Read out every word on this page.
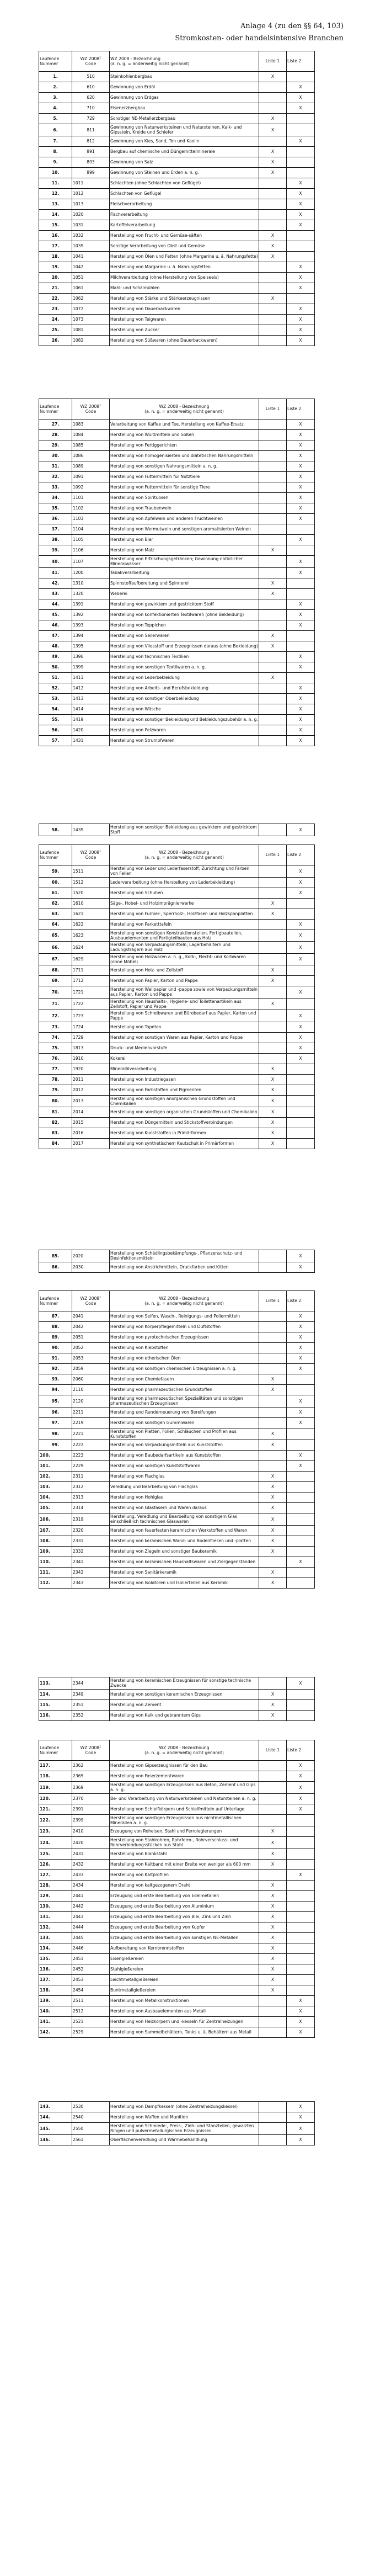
Anlage 4 (zu den §§ 64, 103)
Stromkosten- oder handelsintensive Branchen
Laufende
Nummer	WZ 2008$^1$
Code	WZ 2008 - Bezeichnung
(a. n. g. = anderweitig nicht genannt)	Liste 1	Liste 2
1.	510	Steinkohlenbergbau	X	
2.	610	Gewinnung von Erdöl		X
3.	620	Gewinnung von Erdgas		X
4.	710	Eisenerzbergbau		X
5.	729	Sonstiger NE-Metallerzbergbau	X	
6.	811	Gewinnung von Naturwerksteinen und Natursteinen, Kalk- und Gipsstein, Kreide und Schiefer	X	
7.	812	Gewinnung von Kies, Sand, Ton und Kaolin		X
8.	891	Bergbau auf chemische und Düngemittelminerale	X	
9.	893	Gewinnung von Salz	X	
10.	899	Gewinnung von Steinen und Erden a. n. g.	X	
11.	1011	Schlachten (ohne Schlachten von Geflügel)		X
12.	1012	Schlachten von Geflügel		X
13.	1013	Fleischverarbeitung		X
14.	1020	Fischverarbeitung		X
15.	1031	Kartoffelverarbeitung		X
16.	1032	Herstellung von Frucht- und Gemüse-säften	X	
17.	1039	Sonstige Verarbeitung von Obst und Gemüse	X	
18.	1041	Herstellung von Ölen und Fetten (ohne Margarine u. ä. Nahrungsfette)	X	
19.	1042	Herstellung von Margarine u. ä. Nahrungsfetten		X
20.	1051	Milchverarbeitung (ohne Herstellung von Speiseeis)		X
21.	1061	Mahl- und Schälmühlen		X
22.	1062	Herstellung von Stärke und Stärkeerzeugnissen	X	
23.	1072	Herstellung von Dauerbackwaren		X
24.	1073	Herstellung von Teigwaren		X
25.	1081	Herstellung von Zucker		X
26.	1082	Herstellung von Süßwaren (ohne Dauerbackwaren)		X
Laufende
Nummer	WZ 2008$^1$
Code	WZ 2008 - Bezeichnung
(a. n. g. = anderweitig nicht genannt)	Liste 1	Liste 2
27.	1083	Verarbeitung von Kaffee und Tee, Herstellung von Kaffee-Ersatz		X
28.	1084	Herstellung von Würzmitteln und Soßen		X
29.	1085	Herstellung von Fertiggerichten		X
30.	1086	Herstellung von homogenisierten und diätetischen Nahrungsmitteln		X
31.	1089	Herstellung von sonstigen Nahrungsmitteln a. n. g.		X
32.	1091	Herstellung von Futtermitteln für Nutztiere		X
33.	1092	Herstellung von Futtermitteln für sonstige Tiere		X
34.	1101	Herstellung von Spirituosen		X
35.	1102	Herstellung von Traubenwein		X
36.	1103	Herstellung von Apfelwein und anderen Fruchtweinen		X
37.	1104	Herstellung von Wermutwein und sonstigen aromatisierten Weinen		
38.	1105	Herstellung von Bier		X
39.	1106	Herstellung von Malz	X	
40.	1107	Herstellung von Erfrischungsgetränken; Gewinnung natürlicher Mineralwässer		X
41.	1200	Tabakverarbeitung		X
42.	1310	Spinnstoffaufbereitung und Spinnerei	X	
43.	1320	Weberei	X	
44.	1391	Herstellung von gewirktem und gestricktem Stoff		X
45.	1392	Herstellung von konfektionierten Textilwaren (ohne Bekleidung)		X
46.	1393	Herstellung von Teppichen		X
47.	1394	Herstellung von Seilerwaren	X	
48.	1395	Herstellung von Vliesstoff und Erzeugnissen daraus (ohne Bekleidung)	X	
49.	1396	Herstellung von technischen Textilien		X
50.	1399	Herstellung von sonstigen Textilwaren a. n. g.		X
51.	1411	Herstellung von Lederbekleidung	X	
52.	1412	Herstellung von Arbeits- und Berufsbekleidung		X
53.	1413	Herstellung von sonstiger Oberbekleidung		X
54.	1414	Herstellung von Wäsche		X
55.	1419	Herstellung von sonstiger Bekleidung und Bekleidungszubehör a. n. g.		X
56.	1420	Herstellung von Pelzwaren		X
57.	1431	Herstellung von Strumpfwaren		X
58.	1439	Herstellung von sonstiger Bekleidung aus gewirktem und gestricktem Stoff		X
Laufende
Nummer	WZ 2008$^1$
Code	WZ 2008 - Bezeichnung
(a. n. g. = anderweitig nicht genannt)	Liste 1	Liste 2
59.	1511	Herstellung von Leder und Lederfaserstoff; Zurichtung und Färben von Fellen		X
60.	1512	Lederverarbeitung (ohne Herstellung von Lederbekleidung)		X
61.	1520	Herstellung von Schuhen		X
62.	1610	Säge-, Hobel- und Holzimprägnierwerke	X	
63.	1621	Herstellung von Furnier-, Sperrholz-, Holzfaser- und Holzspanplatten	X	
64.	1622	Herstellung von Parketttafeln		X
65.	1623	Herstellung von sonstigen Konstruktionsteilen, Fertigbauteilen, Ausbauelementen und Fertigteilbauten aus Holz		X
66.	1624	Herstellung von Verpackungsmitteln, Lagerbehältern und Ladungsträgern aus Holz		X
67.	1629	Herstellung von Holzwaren a. n. g., Kork-, Flecht- und Korbwaren (ohne Möbel)		X
68.	1711	Herstellung von Holz- und Zellstoff	X	
69.	1712	Herstellung von Papier, Karton und Pappe	X	
70.	1721	Herstellung von Wellpapier und -pappe sowie von Verpackungsmitteln aus Papier, Karton und Pappe		X
71.	1722	Herstellung von Haushalts-, Hygiene- und Toilettenartikeln aus Zellstoff, Papier und Pappe	X	
72.	1723	Herstellung von Schreibwaren und Bürobedarf aus Papier, Karton und Pappe		X
73.	1724	Herstellung von Tapeten		X
74.	1729	Herstellung von sonstigen Waren aus Papier, Karton und Pappe		X
75.	1813	Druck- und Medienvorstufe		X
76.	1910	Kokerei		X
77.	1920	Mineralölverarbeitung	X	
78.	2011	Herstellung von Industriegasen	X	
79.	2012	Herstellung von Farbstoffen und Pigmenten	X	
80.	2013	Herstellung von sonstigen anorganischen Grundstoffen und Chemikalien	X	
81.	2014	Herstellung von sonstigen organischen Grundstoffen und Chemikalien	X	
82.	2015	Herstellung von Düngemitteln und Stickstoffverbindungen	X	
83.	2016	Herstellung von Kunststoffen in Primärformen	X	
84.	2017	Herstellung von synthetischem Kautschuk in Primärformen	X	
85.	2020	Herstellung von Schädlingsbekämpfungs-, Pflanzenschutz- und Desinfektionsmitteln		X
86.	2030	Herstellung von Anstrichmitteln, Druckfarben und Kitten		X
Laufende
Nummer	WZ 2008$^1$
Code	WZ 2008 - Bezeichnung
(a. n. g. = anderweitig nicht genannt)	Liste 1	Liste 2
87.	2041	Herstellung von Seifen, Wasch-, Reinigungs- und Poliermitteln		X
88.	2042	Herstellung von Körperpflegemitteln und Duftstoffen		X
89.	2051	Herstellung von pyrotechnischen Erzeugnissen		X
90.	2052	Herstellung von Klebstoffen		X
91.	2053	Herstellung von etherischen Ölen		X
92.	2059	Herstellung von sonstigen chemischen Erzeugnissen a. n. g.		X
93.	2060	Herstellung von Chemiefasern	X	
94.	2110	Herstellung von pharmazeutischen Grundstoffen	X	
95.	2120	Herstellung von pharmazeutischen Spezialitäten und sonstigen pharmazeutischen Erzeugnissen		X
96.	2211	Herstellung und Runderneuerung von Bereifungen		X
97.	2219	Herstellung von sonstigen Gummiwaren		X
98.	2221	Herstellung von Platten, Folien, Schläuchen und Profilen aus Kunststoffen	X	
99.	2222	Herstellung von Verpackungsmitteln aus Kunststoffen	X	
100.	2223	Herstellung von Baubedarfsartikeln aus Kunststoffen		X
101.	2229	Herstellung von sonstigen Kunststoffwaren		X
102.	2311	Herstellung von Flachglas	X	
103.	2312	Veredlung und Bearbeitung von Flachglas	X	
104.	2313	Herstellung von Hohlglas	X	
105.	2314	Herstellung von Glasfasern und Waren daraus	X	
106.	2319	Herstellung, Veredlung und Bearbeitung von sonstigem Glas einschließlich technischen Glaswaren	X	
107.	2320	Herstellung von feuerfesten keramischen Werkstoffen und Waren	X	
108.	2331	Herstellung von keramischen Wand- und Bodenfliesen und -platten	X	
109.	2332	Herstellung von Ziegeln und sonstiger Baukeramik	X	
110.	2341	Herstellung von keramischen Haushaltswaren und Ziergegenständen		X
111.	2342	Herstellung von Sanitärkeramik	X	
112.	2343	Herstellung von Isolatoren und Isolierteilen aus Keramik	X	
113.	2344	Herstellung von keramischen Erzeugnissen für sonstige technische Zwecke		X
114.	2349	Herstellung von sonstigen keramischen Erzeugnissen	X	
115.	2351	Herstellung von Zement	X	
116.	2352	Herstellung von Kalk und gebranntem Gips	X	
Laufende
Nummer	WZ 2008$^1$
Code	WZ 2008 - Bezeichnung
(a. n. g. = anderweitig nicht genannt)	Liste 1	Liste 2
117.	2362	Herstellung von Gipserzeugnissen für den Bau		X
118.	2365	Herstellung von Faserzementwaren		X
119.	2369	Herstellung von sonstigen Erzeugnissen aus Beton, Zement und Gips a. n. g.		X
120.	2370	Be- und Verarbeitung von Naturwerksteinen und Natursteinen a. n. g.		X
121.	2391	Herstellung von Schleifkörpern und Schleifmitteln auf Unterlage		X
122.	2399	Herstellung von sonstigen Erzeugnissen aus nichtmetallischen Mineralien a. n. g.		
123.	2410	Erzeugung von Roheisen, Stahl und Ferrolegierungen	X	
124.	2420	Herstellung von Stahlrohren, Rohrform-, Rohrverschluss- und Rohrverbindungsstücken aus Stahl	X	
125.	2431	Herstellung von Blankstahl	X	
126.	2432	Herstellung von Kaltband mit einer Breite von weniger als 600 mm	X	
127.	2433	Herstellung von Kaltprofilen		X
128.	2434	Herstellung von kaltgezogenem Draht	X	
129.	2441	Erzeugung und erste Bearbeitung von Edelmetallen	X	
130.	2442	Erzeugung und erste Bearbeitung von Aluminium	X	
131.	2443	Erzeugung und erste Bearbeitung von Blei, Zink und Zinn	X	
132.	2444	Erzeugung und erste Bearbeitung von Kupfer	X	
133.	2445	Erzeugung und erste Bearbeitung von sonstigen NE-Metallen	X	
134.	2446	Aufbereitung von Kernbrennstoffen	X	
135.	2451	Eisengießereien	X	
136.	2452	Stahlgießereien	X	
137.	2453	Leichtmetallgießereien	X	
138.	2454	Buntmetallgießereien	X	
139.	2511	Herstellung von Metallkonstruktionen		X
140.	2512	Herstellung von Ausbauelementen aus Metall		X
141.	2521	Herstellung von Heizkörpern und -kesseln für Zentralheizungen		X
142.	2529	Herstellung von Sammelbehältern, Tanks u. ä. Behältern aus Metall		X
143.	2530	Herstellung von Dampfkesseln (ohne Zentralheizungskessel)		X
144.	2540	Herstellung von Waffen und Munition		X
145.	2550	Herstellung von Schmiede-, Press-, Zieh- und Stanzteilen, gewalzten Ringen und pulvermetallurgischen Erzeugnissen		X
146.	2561	Oberflächenveredlung und Wärmebehandlung		X
